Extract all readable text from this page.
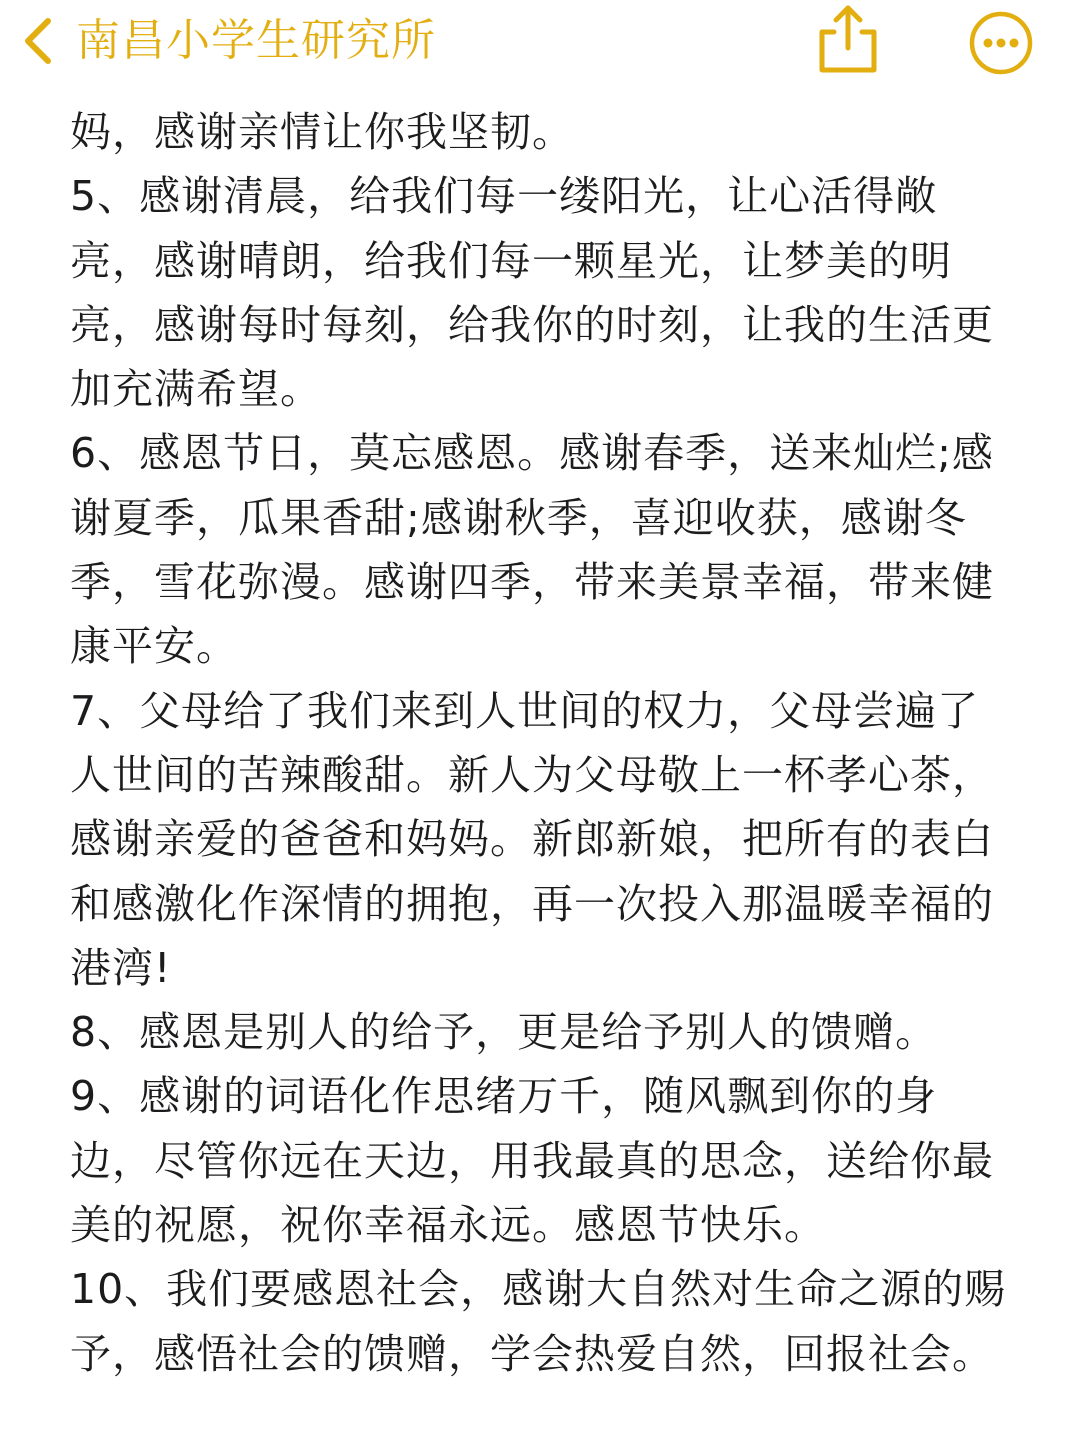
南昌小学生研究所

妈，感谢亲情让你我坚韧。

5、感谢清晨，给我们每一缕阳光，让心活得敞亮，感谢晴朗，给我们每一颗星光，让梦美的明亮，感谢每时每刻，给我你的时刻，让我的生活更加充满希望。

6、感恩节日，莫忘感恩。感谢春季，送来灿烂;感谢夏季，瓜果香甜;感谢秋季，喜迎收获，感谢冬季，雪花弥漫。感谢四季，带来美景幸福，带来健康平安。

7、父母给了我们来到人世间的权力，父母尝遍了人世间的苦辣酸甜。新人为父母敬上一杯孝心茶，感谢亲爱的爸爸和妈妈。新郎新娘，把所有的表白和感激化作深情的拥抱，再一次投入那温暖幸福的港湾!

8、感恩是别人的给予，更是给予别人的馈赠。

9、感谢的词语化作思绪万千，随风飘到你的身边，尽管你远在天边，用我最真的思念，送给你最美的祝愿，祝你幸福永远。感恩节快乐。

10、我们要感恩社会，感谢大自然对生命之源的赐予，感悟社会的馈赠，学会热爱自然，回报社会。
